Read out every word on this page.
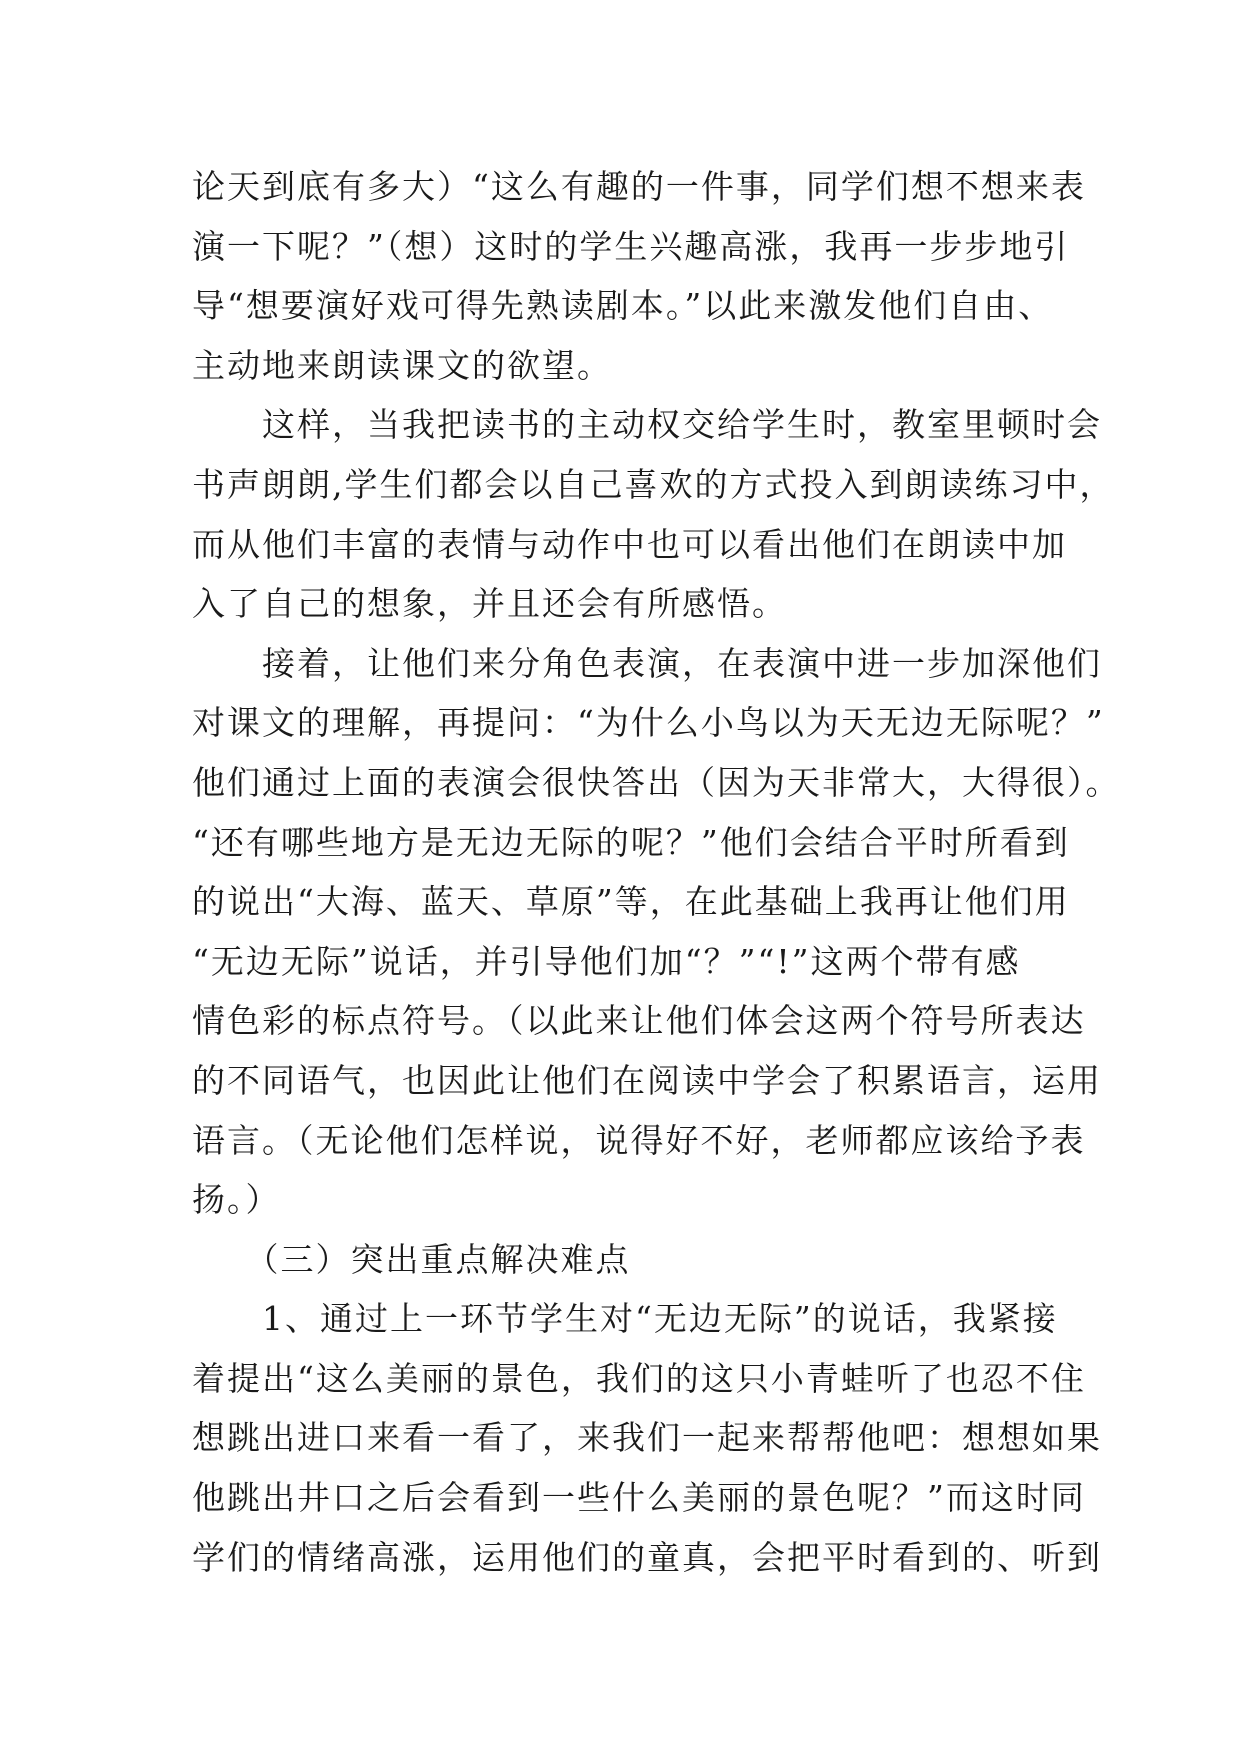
论天到底有多大）“这么有趣的一件事，同学们想不想来表
演一下呢？”（想）这时的学生兴趣高涨，我再一步步地引
导“想要演好戏可得先熟读剧本。”以此来激发他们自由、
主动地来朗读课文的欲望。
　　这样，当我把读书的主动权交给学生时，教室里顿时会
书声朗朗,学生们都会以自己喜欢的方式投入到朗读练习中，
而从他们丰富的表情与动作中也可以看出他们在朗读中加
入了自己的想象，并且还会有所感悟。
　　接着，让他们来分角色表演，在表演中进一步加深他们
对课文的理解，再提问：“为什么小鸟以为天无边无际呢？”
他们通过上面的表演会很快答出（因为天非常大，大得很）。
“还有哪些地方是无边无际的呢？”他们会结合平时所看到
的说出“大海、蓝天、草原”等，在此基础上我再让他们用
“无边无际”说话，并引导他们加“？”“!”这两个带有感
情色彩的标点符号。（以此来让他们体会这两个符号所表达
的不同语气，也因此让他们在阅读中学会了积累语言，运用
语言。（无论他们怎样说，说得好不好，老师都应该给予表
扬。）
　　（三）突出重点解决难点
　　1、通过上一环节学生对“无边无际”的说话，我紧接
着提出“这么美丽的景色，我们的这只小青蛙听了也忍不住
想跳出进口来看一看了，来我们一起来帮帮他吧：想想如果
他跳出井口之后会看到一些什么美丽的景色呢？”而这时同
学们的情绪高涨，运用他们的童真，会把平时看到的、听到
